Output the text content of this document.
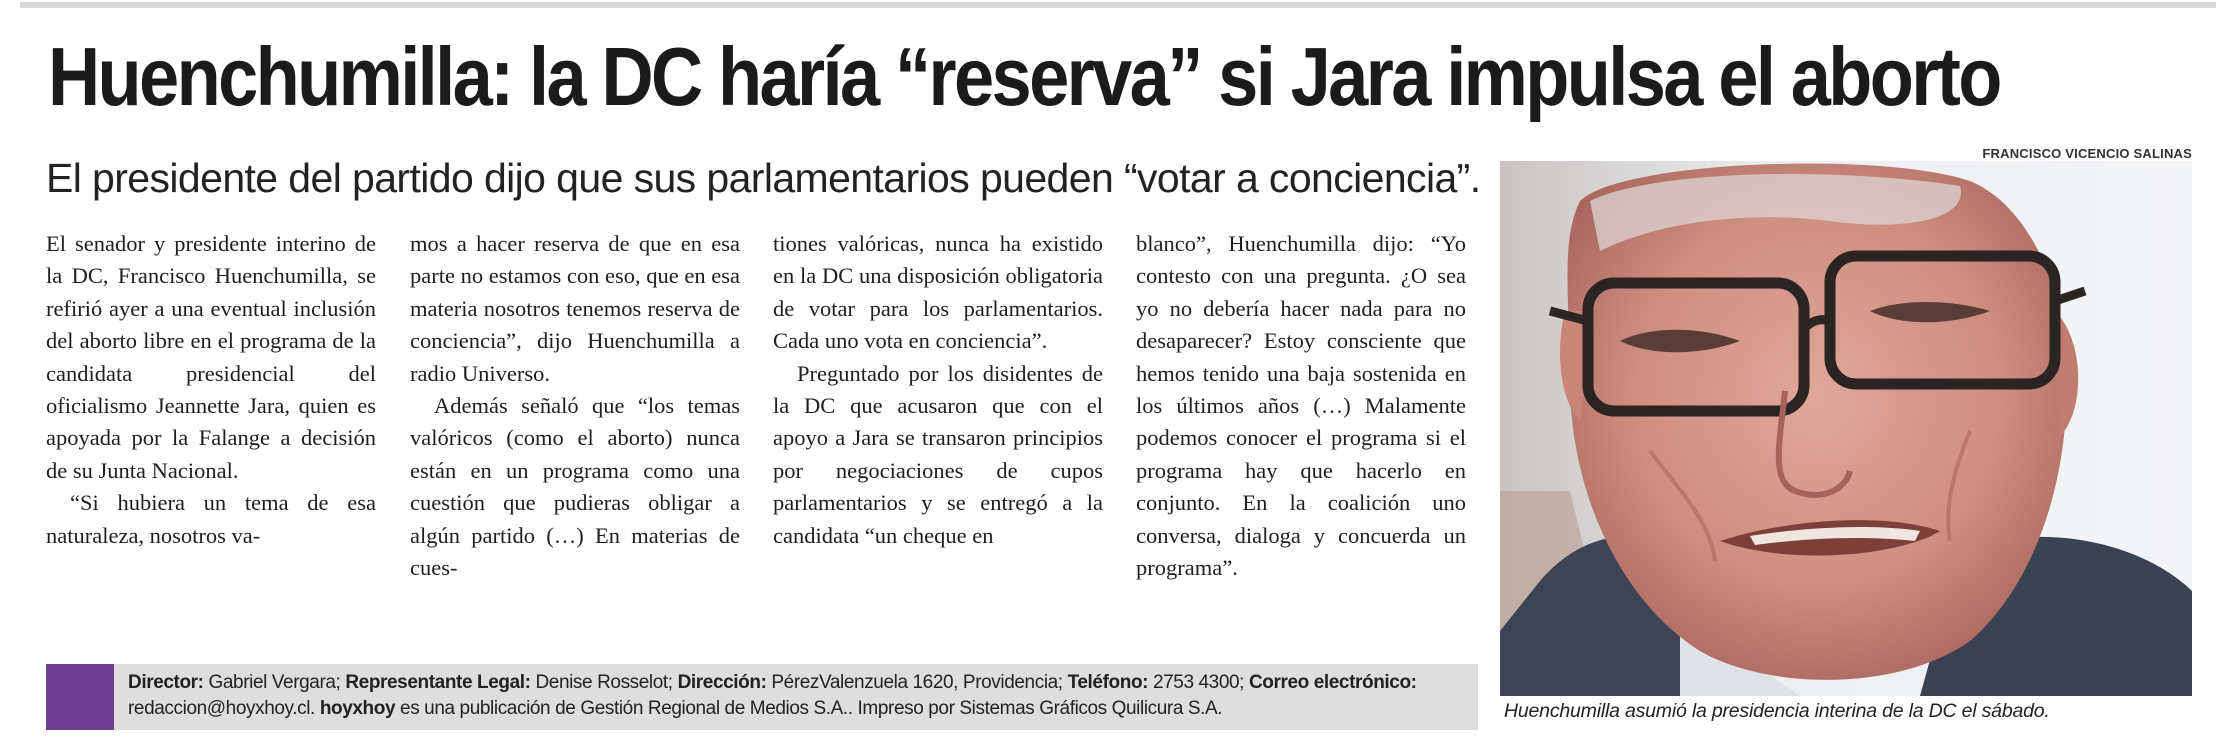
Huenchumilla: la DC haría “reserva” si Jara impulsa el aborto
El presidente del partido dijo que sus parlamentarios pueden “votar a conciencia”.
FRANCISCO VICENCIO SALINAS

El senador y presidente interino de la DC, Francisco Huenchumilla, se refirió ayer a una eventual inclusión del aborto libre en el programa de la candidata presidencial del oficialismo Jeannette Jara, quien es apoyada por la Falange a decisión de su Junta Nacional.

“Si hubiera un tema de esa naturaleza, nosotros va-

mos a hacer reserva de que en esa parte no estamos con eso, que en esa materia nosotros tenemos reserva de conciencia”, dijo Huenchumilla a radio Universo.

Además señaló que “los temas valóricos (como el aborto) nunca están en un programa como una cuestión que pudieras obligar a algún partido (…) En materias de cues-

tiones valóricas, nunca ha existido en la DC una disposición obligatoria de votar para los parlamentarios. Cada uno vota en conciencia”.

Preguntado por los disidentes de la DC que acusaron que con el apoyo a Jara se transaron principios por negociaciones de cupos parlamentarios y se entregó a la candidata “un cheque en

blanco”, Huenchumilla dijo: “Yo contesto con una pregunta. ¿O sea yo no debería hacer nada para no desaparecer? Estoy consciente que hemos tenido una baja sostenida en los últimos años (…) Malamente podemos conocer el programa si el programa hay que hacerlo en conjunto. En la coalición uno conversa, dialoga y concuerda un programa”.

Huenchumilla asumió la presidencia interina de la DC el sábado.
Director: Gabriel Vergara; Representante Legal: Denise Rosselot; Dirección: PérezValenzuela 1620, Providencia; Teléfono: 2753 4300; Correo electrónico: redaccion@hoyxhoy.cl. hoyxhoy es una publicación de Gestión Regional de Medios S.A.. Impreso por Sistemas Gráficos Quilicura S.A.
